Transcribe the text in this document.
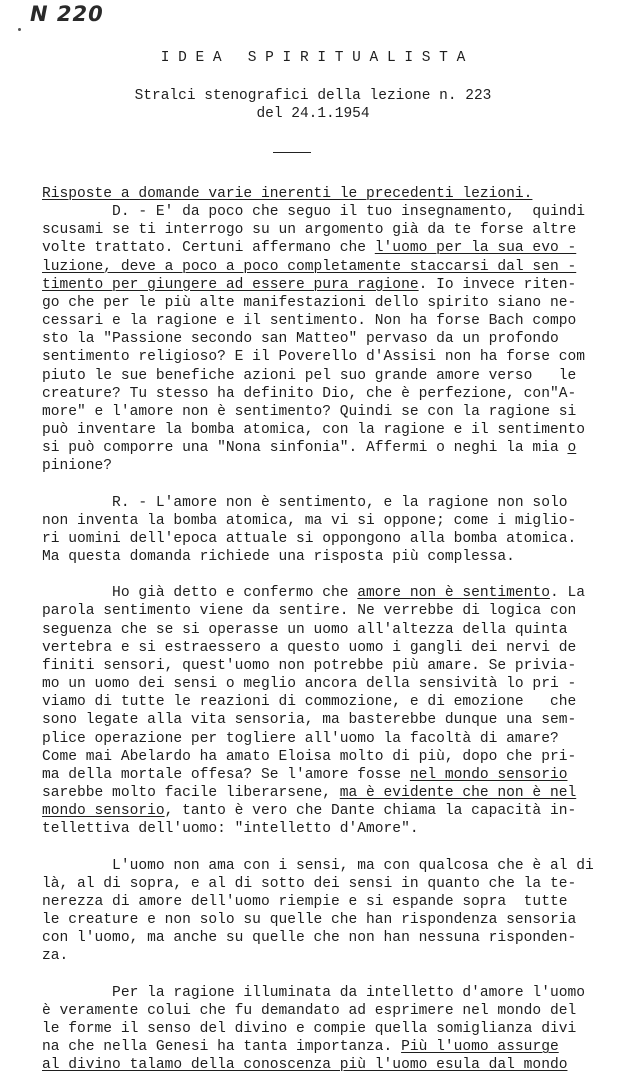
N 220
I D E A   S P I R I T U A L I S T A
Stralci stenografici della lezione n. 223
del 24.1.1954
Risposte a domande varie inerenti le precedenti lezioni.
D. - E' da poco che seguo il tuo insegnamento,  quindi
scusami se ti interrogo su un argomento già da te forse altre
volte trattato. Certuni affermano che l'uomo per la sua evo -
luzione, deve a poco a poco completamente staccarsi dal sen -
timento per giungere ad essere pura ragione. Io invece riten-
go che per le più alte manifestazioni dello spirito siano ne-
cessari e la ragione e il sentimento. Non ha forse Bach compo
sto la "Passione secondo san Matteo" pervaso da un profondo
sentimento religioso? E il Poverello d'Assisi non ha forse com
piuto le sue benefiche azioni pel suo grande amore verso   le
creature? Tu stesso ha definito Dio, che è perfezione, con"A-
more" e l'amore non è sentimento? Quindi se con la ragione si
può inventare la bomba atomica, con la ragione e il sentimento
si può comporre una "Nona sinfonia". Affermi o neghi la mia o
pinione?
R. - L'amore non è sentimento, e la ragione non solo
non inventa la bomba atomica, ma vi si oppone; come i miglio-
ri uomini dell'epoca attuale si oppongono alla bomba atomica.
Ma questa domanda richiede una risposta più complessa.
Ho già detto e confermo che amore non è sentimento. La
parola sentimento viene da sentire. Ne verrebbe di logica con
seguenza che se si operasse un uomo all'altezza della quinta
vertebra e si estraessero a questo uomo i gangli dei nervi de
finiti sensori, quest'uomo non potrebbe più amare. Se privia-
mo un uomo dei sensi o meglio ancora della sensività lo pri -
viamo di tutte le reazioni di commozione, e di emozione   che
sono legate alla vita sensoria, ma basterebbe dunque una sem-
plice operazione per togliere all'uomo la facoltà di amare?
Come mai Abelardo ha amato Eloisa molto di più, dopo che pri-
ma della mortale offesa? Se l'amore fosse nel mondo sensorio
sarebbe molto facile liberarsene, ma è evidente che non è nel
mondo sensorio, tanto è vero che Dante chiama la capacità in-
tellettiva dell'uomo: "intelletto d'Amore".
L'uomo non ama con i sensi, ma con qualcosa che è al di
là, al di sopra, e al di sotto dei sensi in quanto che la te-
nerezza di amore dell'uomo riempie e si espande sopra  tutte
le creature e non solo su quelle che han rispondenza sensoria
con l'uomo, ma anche su quelle che non han nessuna risponden-
za.
Per la ragione illuminata da intelletto d'amore l'uomo
è veramente colui che fu demandato ad esprimere nel mondo del
le forme il senso del divino e compie quella somiglianza divi
na che nella Genesi ha tanta importanza. Più l'uomo assurge
al divino talamo della conoscenza più l'uomo esula dal mondo
